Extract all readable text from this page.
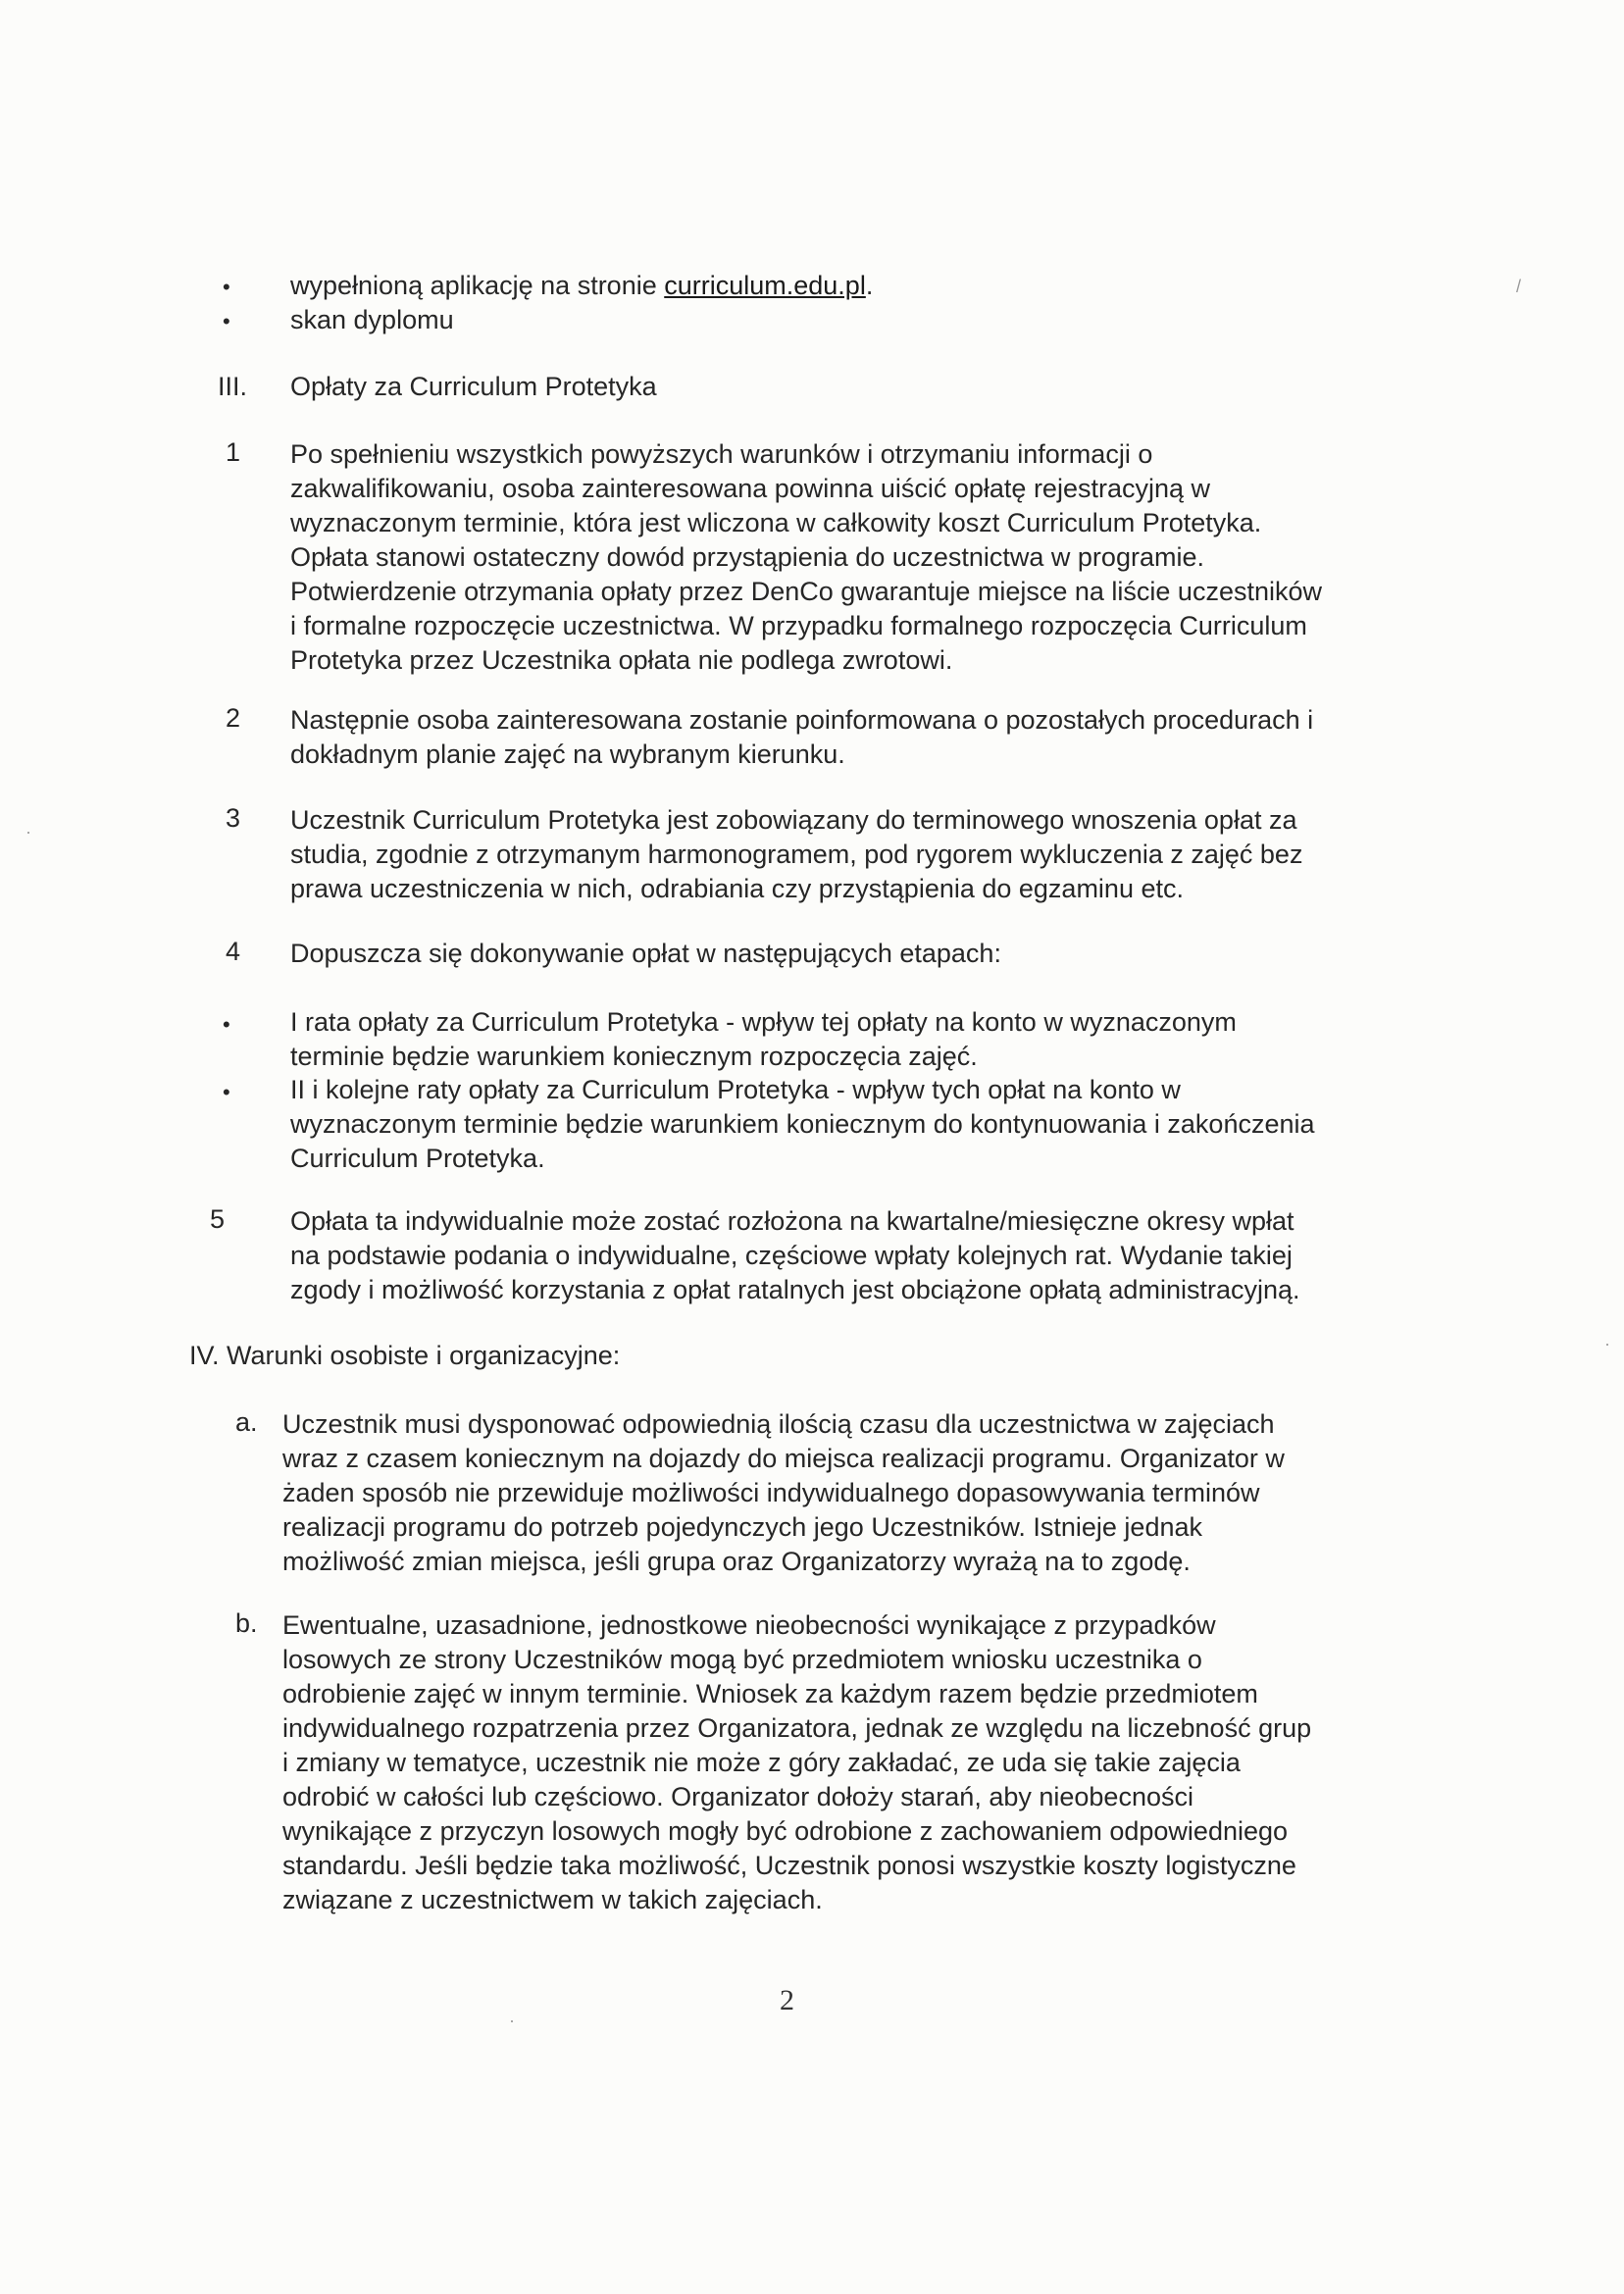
• wypełnioną aplikację na stronie curriculum.edu.pl.
• skan dyplomu
III. Opłaty za Curriculum Protetyka
1 Po spełnieniu wszystkich powyższych warunków i otrzymaniu informacji o
zakwalifikowaniu, osoba zainteresowana powinna uiścić opłatę rejestracyjną w
wyznaczonym terminie, która jest wliczona w całkowity koszt Curriculum Protetyka.
Opłata stanowi ostateczny dowód przystąpienia do uczestnictwa w programie.
Potwierdzenie otrzymania opłaty przez DenCo gwarantuje miejsce na liście uczestników
i formalne rozpoczęcie uczestnictwa. W przypadku formalnego rozpoczęcia Curriculum
Protetyka przez Uczestnika opłata nie podlega zwrotowi.
2 Następnie osoba zainteresowana zostanie poinformowana o pozostałych procedurach i
dokładnym planie zajęć na wybranym kierunku.
3 Uczestnik Curriculum Protetyka jest zobowiązany do terminowego wnoszenia opłat za
studia, zgodnie z otrzymanym harmonogramem, pod rygorem wykluczenia z zajęć bez
prawa uczestniczenia w nich, odrabiania czy przystąpienia do egzaminu etc.
4 Dopuszcza się dokonywanie opłat w następujących etapach:
• I rata opłaty za Curriculum Protetyka - wpływ tej opłaty na konto w wyznaczonym
terminie będzie warunkiem koniecznym rozpoczęcia zajęć.
• II i kolejne raty opłaty za Curriculum Protetyka - wpływ tych opłat na konto w
wyznaczonym terminie będzie warunkiem koniecznym do kontynuowania i zakończenia
Curriculum Protetyka.
5 Opłata ta indywidualnie może zostać rozłożona na kwartalne/miesięczne okresy wpłat
na podstawie podania o indywidualne, częściowe wpłaty kolejnych rat. Wydanie takiej
zgody i możliwość korzystania z opłat ratalnych jest obciążone opłatą administracyjną.
IV. Warunki osobiste i organizacyjne:
a. Uczestnik musi dysponować odpowiednią ilością czasu dla uczestnictwa w zajęciach
wraz z czasem koniecznym na dojazdy do miejsca realizacji programu. Organizator w
żaden sposób nie przewiduje możliwości indywidualnego dopasowywania terminów
realizacji programu do potrzeb pojedynczych jego Uczestników. Istnieje jednak
możliwość zmian miejsca, jeśli grupa oraz Organizatorzy wyrażą na to zgodę.
b. Ewentualne, uzasadnione, jednostkowe nieobecności wynikające z przypadków
losowych ze strony Uczestników mogą być przedmiotem wniosku uczestnika o
odrobienie zajęć w innym terminie. Wniosek za każdym razem będzie przedmiotem
indywidualnego rozpatrzenia przez Organizatora, jednak ze względu na liczebność grup
i zmiany w tematyce, uczestnik nie może z góry zakładać, ze uda się takie zajęcia
odrobić w całości lub częściowo. Organizator dołoży starań, aby nieobecności
wynikające z przyczyn losowych mogły być odrobione z zachowaniem odpowiedniego
standardu. Jeśli będzie taka możliwość, Uczestnik ponosi wszystkie koszty logistyczne
związane z uczestnictwem w takich zajęciach.
2
/
·
·
·
